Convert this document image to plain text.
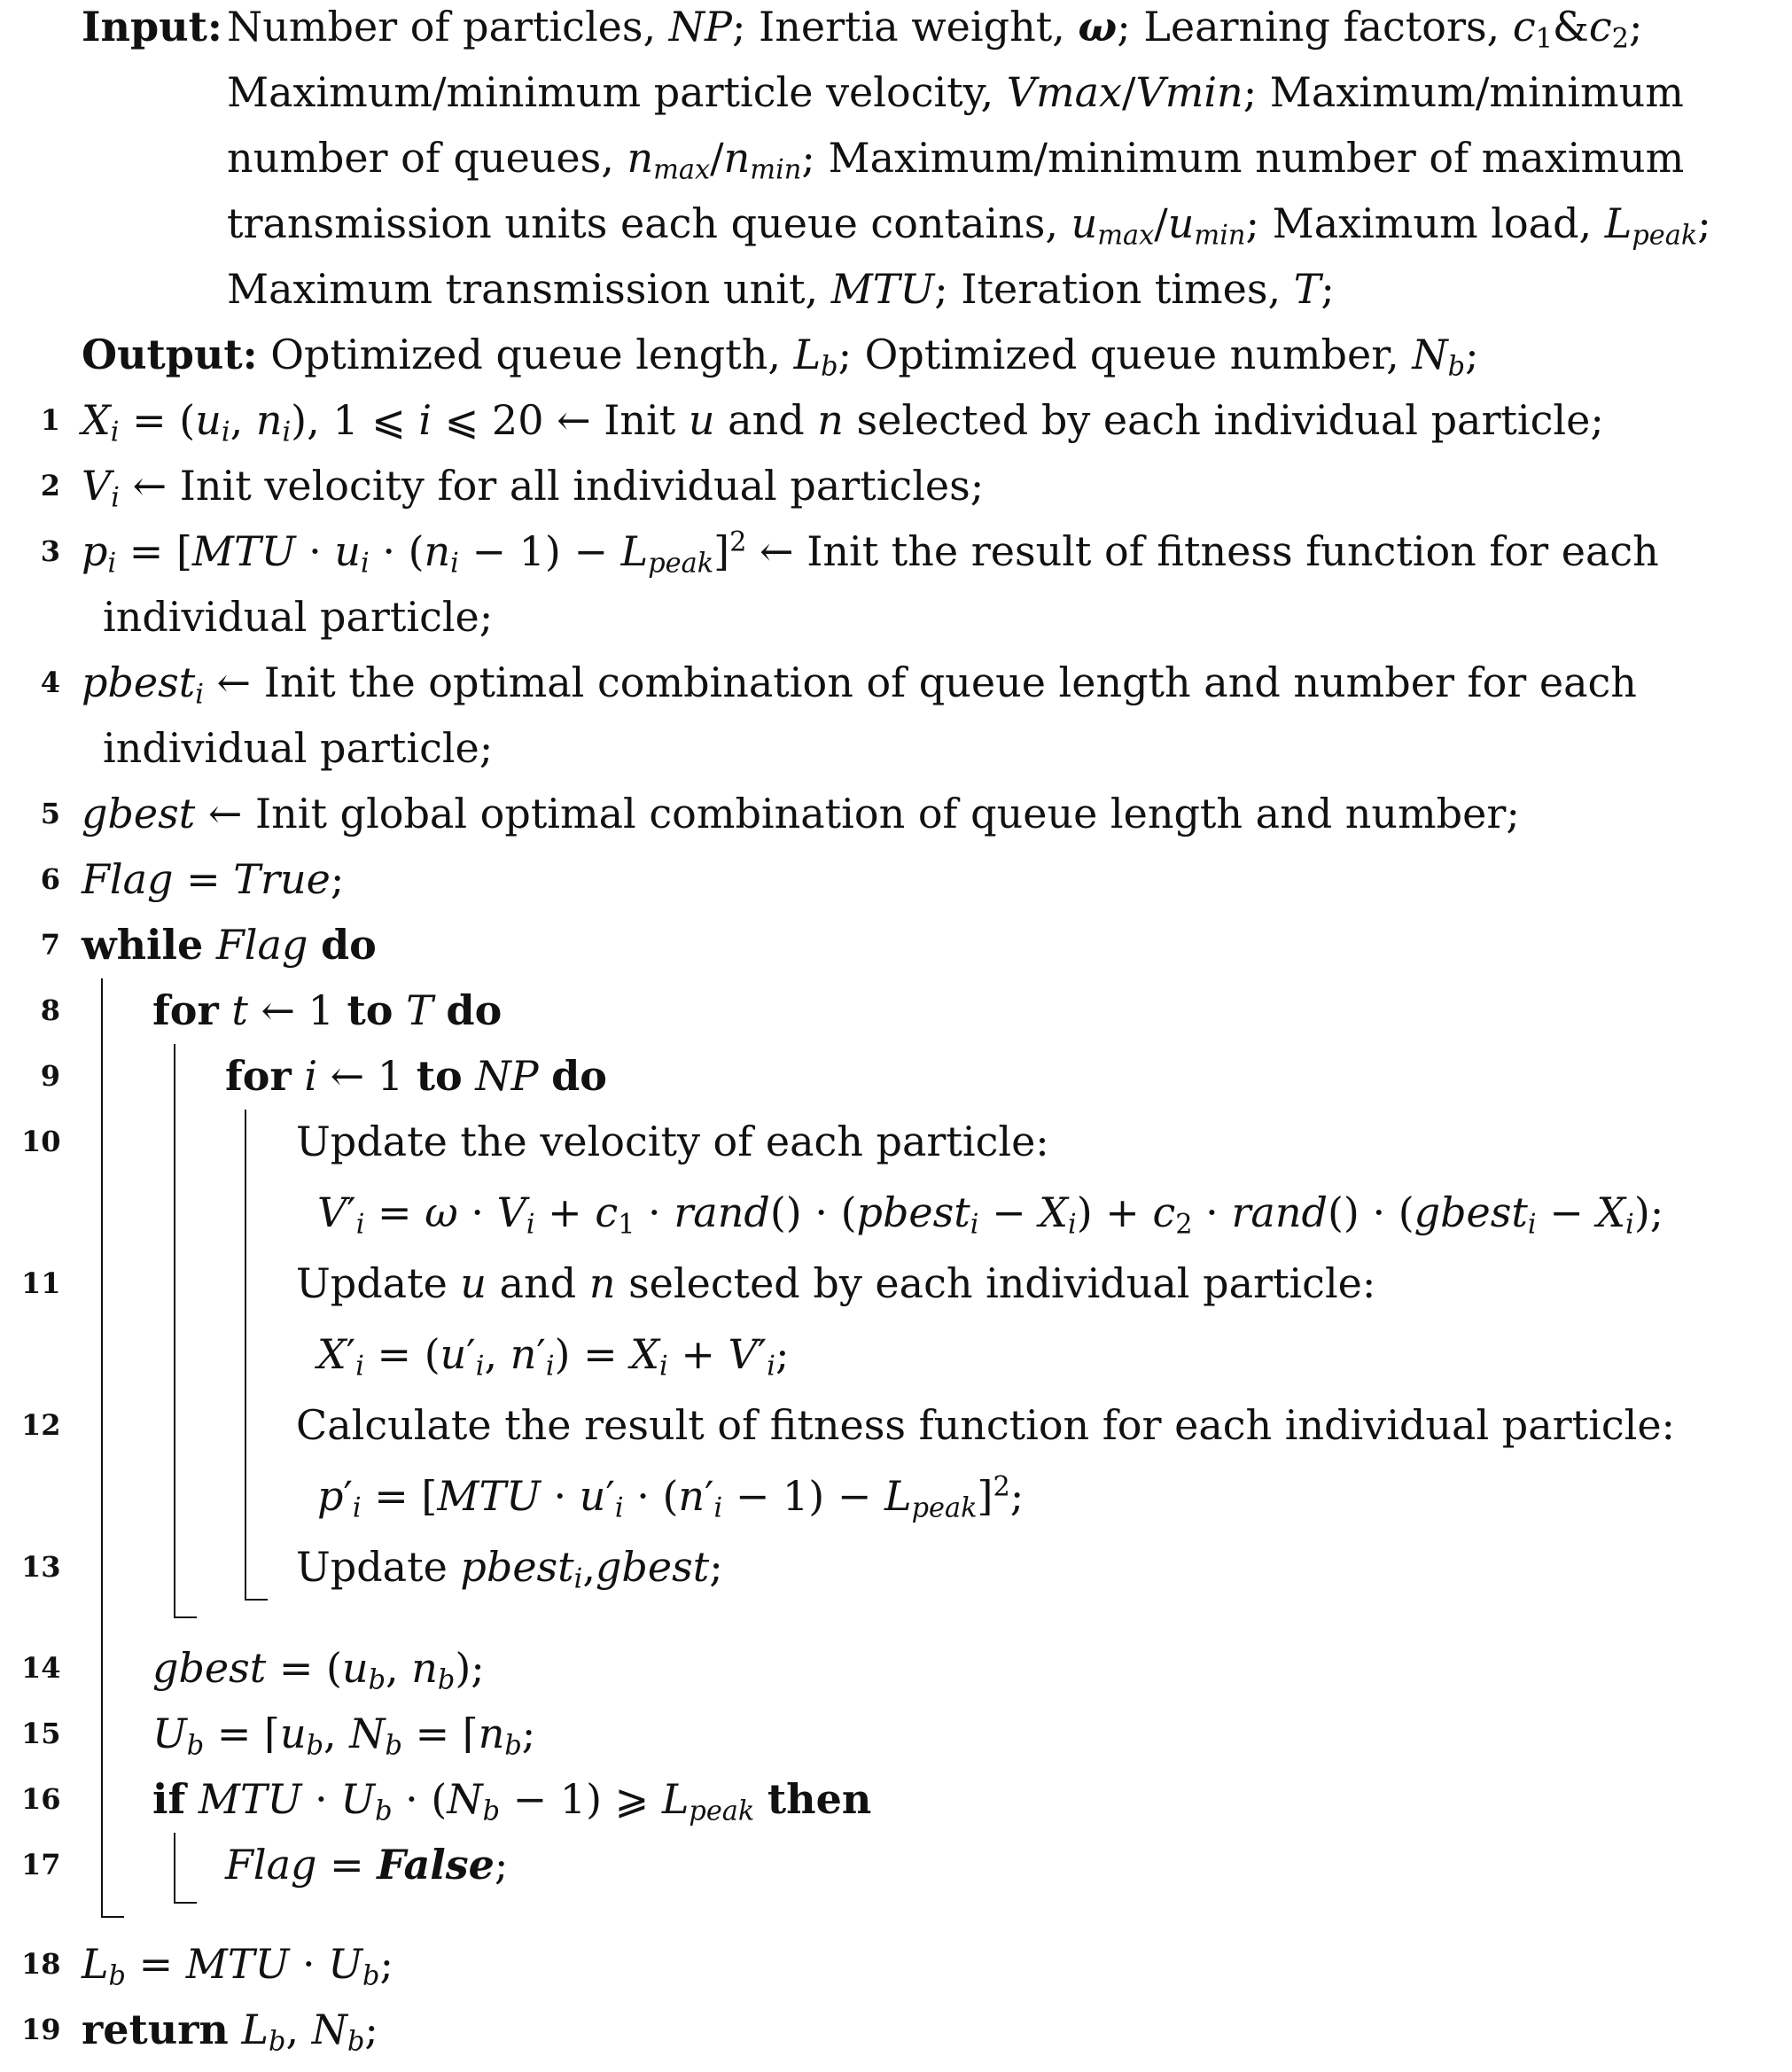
Input: Number of particles, NP; Inertia weight, ω; Learning factors, $c_1\&c_2$;
Maximum/minimum particle velocity, Vmax/Vmin; Maximum/minimum
number of queues, $n_{max}/n_{min}$; Maximum/minimum number of maximum
transmission units each queue contains, $u_{max}/u_{min}$; Maximum load, $L_{peak}$;
Maximum transmission unit, MTU; Iteration times, T;
Output: Optimized queue length, $L_b$; Optimized queue number, $N_b$;
1 $X_i = (u_i$, $n_i$), 1 ⩽ i ⩽ 20 ← Init u and n selected by each individual particle;
2 $V_i$ ← Init velocity for all individual particles;
3 $p_i = [MTU \cdot u_i \cdot (n_i - 1) - L_{peak}]^2$ ← Init the result of fitness function for each
individual particle;
4 pbest$_i$ ← Init the optimal combination of queue length and number for each
individual particle;
5 gbest ← Init global optimal combination of queue length and number;
6 Flag = True;
7 while Flag do
8 for t ← 1 to T do
9	for i ← 1 to NP do
10	Update the velocity of each particle:
$V'_i = \omega \cdot V_i + c_1$ · rand() · (pbest$_i$ − $X_i) + c_2$ · rand() · (gbest$_i$ − $X_i$);
11	Update u and n selected by each individual particle:
$X'_i = (u'_i$, $n'_i) = X_i + V'_i$;
12	Calculate the result of fitness function for each individual particle:
$p'_i = [MTU \cdot u'_i \cdot (n'_i - 1) - L_{peak}]^2$;
13	Update pbest$_i$,gbest;
14 gbest = ($u_b$, $n_b$);
15 $U_b$ = $⌈u_b$, $N_b$ = $⌈n_b$;
16 if MTU · $U_b \cdot (N_b - 1)$ ⩾ $L_{peak}$ then
17	Flag = False;
18 $L_b$ = MTU · $U_b$;
19 return $L_b$, $N_b$;
